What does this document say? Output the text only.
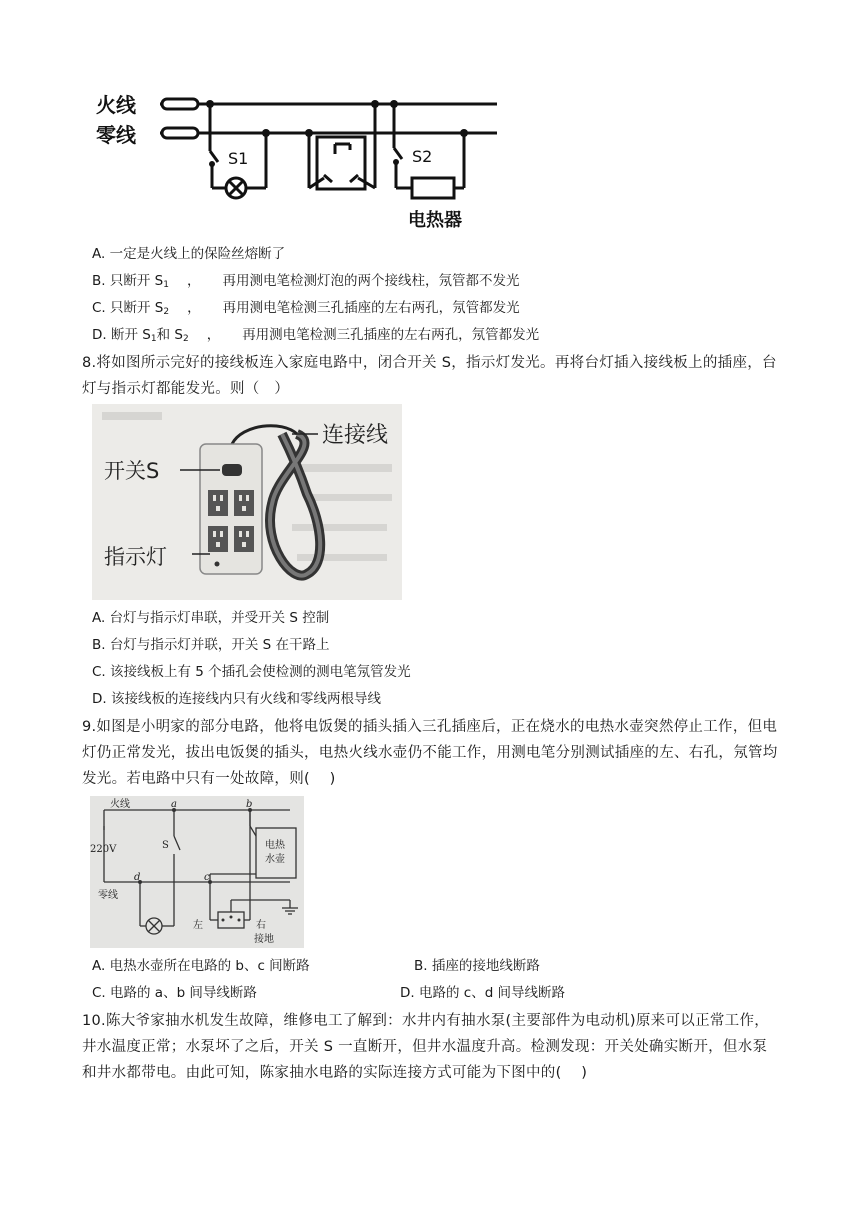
火线
零线
S1	S2
电热器
A. 一定是火线上的保险丝熔断了
B. 只断开 $S_1$ ， 再用测电笔检测灯泡的两个接线柱，氖管都不发光
C. 只断开 $S_2$ ， 再用测电笔检测三孔插座的左右两孔，氖管都发光
D. 断开 $S_1$和 $S_2$ ， 再用测电笔检测三孔插座的左右两孔，氖管都发光
8.将如图所示完好的接线板连入家庭电路中，闭合开关 S，指示灯发光。再将台灯插入接线板上的插座，台灯与指示灯都能发光。则（　）
连接线
开关S
指示灯
A. 台灯与指示灯串联，并受开关 S 控制
B. 台灯与指示灯并联，开关 S 在干路上
C. 该接线板上有 5 个插孔会使检测的测电笔氖管发光
D. 该接线板的连接线内只有火线和零线两根导线
9.如图是小明家的部分电路，他将电饭煲的插头插入三孔插座后，正在烧水的电热水壶突然停止工作，但电灯仍正常发光，拔出电饭煲的插头，电热火线水壶仍不能工作，用测电笔分别测试插座的左、右孔，氖管均发光。若电路中只有一处故障，则(　 )
火线
零线
220V
a	b
c
d
S	电热
水壶
左	右
接地
A. 电热水壶所在电路的 b、c 间断路	B. 插座的接地线断路
C. 电路的 a、b 间导线断路	D. 电路的 c、d 间导线断路
10.陈大爷家抽水机发生故障，维修电工了解到：水井内有抽水泵(主要部件为电动机)原来可以正常工作，井水温度正常；水泵坏了之后，开关 S 一直断开，但井水温度升高。检测发现：开关处确实断开，但水泵和井水都带电。由此可知，陈家抽水电路的实际连接方式可能为下图中的(　 )
